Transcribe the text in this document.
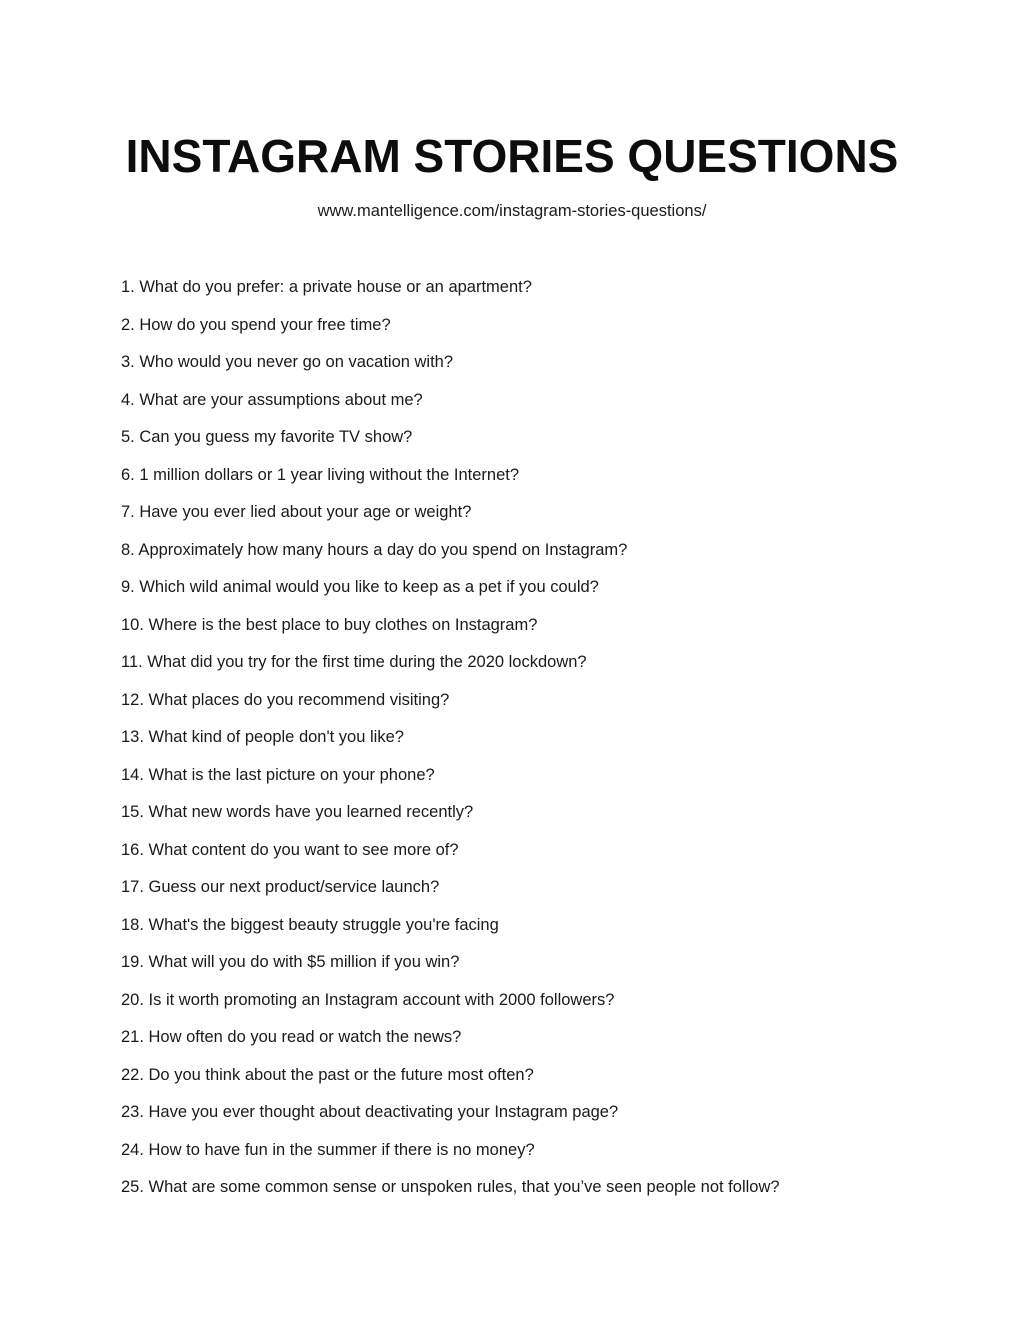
INSTAGRAM STORIES QUESTIONS
www.mantelligence.com/instagram-stories-questions/
1. What do you prefer: a private house or an apartment?
2. How do you spend your free time?
3. Who would you never go on vacation with?
4. What are your assumptions about me?
5. Can you guess my favorite TV show?
6. 1 million dollars or 1 year living without the Internet?
7. Have you ever lied about your age or weight?
8. Approximately how many hours a day do you spend on Instagram?
9. Which wild animal would you like to keep as a pet if you could?
10. Where is the best place to buy clothes on Instagram?
11. What did you try for the first time during the 2020 lockdown?
12. What places do you recommend visiting?
13. What kind of people don't you like?
14. What is the last picture on your phone?
15. What new words have you learned recently?
16. What content do you want to see more of?
17. Guess our next product/service launch?
18. What's the biggest beauty struggle you're facing
19. What will you do with $5 million if you win?
20. Is it worth promoting an Instagram account with 2000 followers?
21. How often do you read or watch the news?
22. Do you think about the past or the future most often?
23. Have you ever thought about deactivating your Instagram page?
24. How to have fun in the summer if there is no money?
25. What are some common sense or unspoken rules, that you’ve seen people not follow?
